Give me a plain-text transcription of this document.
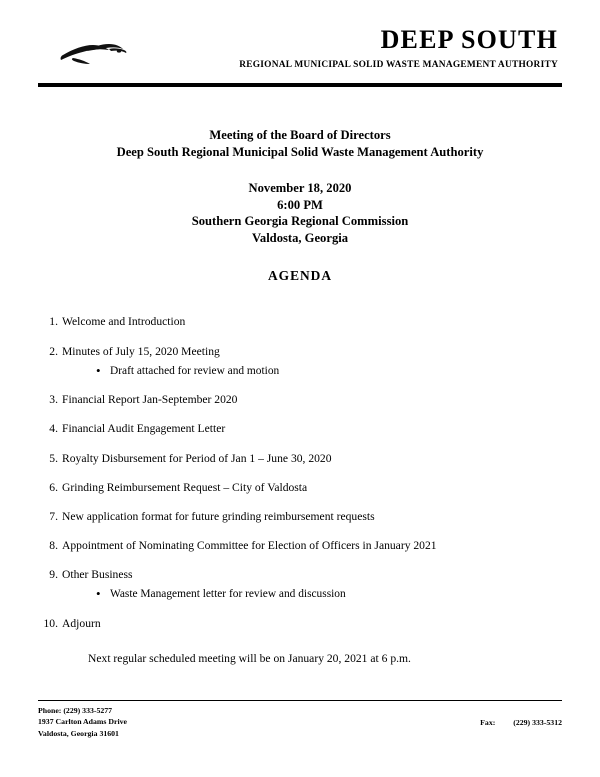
DEEP SOUTH
REGIONAL MUNICIPAL SOLID WASTE MANAGEMENT AUTHORITY
Meeting of the Board of Directors
Deep South Regional Municipal Solid Waste Management Authority
November 18, 2020
6:00 PM
Southern Georgia Regional Commission
Valdosta, Georgia
AGENDA
1. Welcome and Introduction
2. Minutes of July 15, 2020 Meeting
• Draft attached for review and motion
3. Financial Report Jan-September 2020
4. Financial Audit Engagement Letter
5. Royalty Disbursement for Period of Jan 1 – June 30, 2020
6. Grinding Reimbursement Request – City of Valdosta
7. New application format for future grinding reimbursement requests
8. Appointment of Nominating Committee for Election of Officers in January 2021
9. Other Business
• Waste Management letter for review and discussion
10. Adjourn
Next regular scheduled meeting will be on January 20, 2021 at 6 p.m.
Phone: (229) 333-5277
1937 Carlton Adams Drive
Valdosta, Georgia 31601
Fax: (229) 333-5312
